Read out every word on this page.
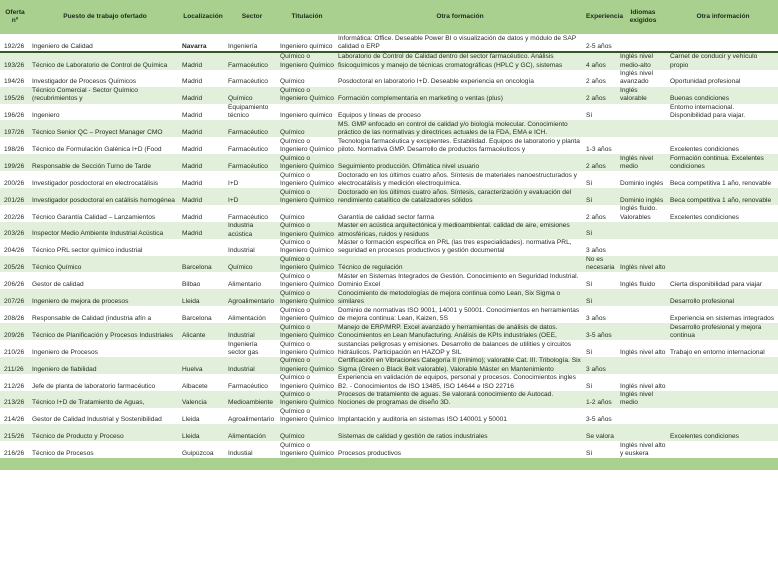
Oferta nº	Puesto de trabajo ofertado	Localización	Sector	Titulación	Otra formación	Experiencia	Idiomas exigidos	Otra información

192/26	Ingeniero de Calidad	Navarra	Ingeniería	Ingeniero químico	Informática: Office. Deseable Power BI o visualización de datos y módulo de SAP calidad o ERP	2-5 años		

193/26	Técnico de Laboratorio de Control de Química	Madrid	Farmacéutico	Químico o Ingeniero Químico	Laboratorio de Control de Calidad dentro del sector farmacéutico. Análisis fisicoquímicos y manejo de técnicas cromatográficas (HPLC y GC), sistemas	4 años	Inglés nivel medio-alto	Carnet de conducir y vehículo propio

194/26	Investigador de Procesos Químicos	Madrid	Farmacéutico	Químico	Posdoctoral en laboratorio I+D. Deseable experiencia en oncología	2 años	Inglés nivel avanzado	Oportunidad profesional

195/26	Técnico Comercial - Sector Químico (recubrimientos y	Madrid	Químico	Químico o Ingeniero Químico	Formación complementaria en marketing o ventas (plus)	2 años	Inglés valorable	Buenas condiciones

196/26	Ingeniero	Madrid	Equipamiento técnico	Ingeniero químico	Equipos y líneas de proceso	Sí		Entorno internacional. Disponibilidad para viajar.

197/26	Técnico Senior QC – Proyect Manager CMO	Madrid	Farmacéutico	Químico	MS. GMP enfocado en control de calidad y/o biología molecular. Conocimiento práctico de las normativas y directrices actuales de la FDA, EMA e ICH.			

198/26	Técnico de Formulación Galénica I+D (Food	Madrid	Farmacéutico	Químico o Ingeniero Químico	Tecnología farmacéutica y excipientes. Estabilidad. Equipos de laboratorio y planta piloto. Normativa GMP. Desarrollo de productos farmacéuticos y	1-3 años		Excelentes condiciones

199/26	Responsable de Sección Turno de Tarde	Madrid	Farmacéutico	Químico o Ingeniero Químico	Seguimiento producción. Ofimática nivel usuario	2 años	Inglés nivel medio	Formación continua. Excelentes condiciones

200/26	Investigador posdoctoral en electrocatálisis	Madrid	I+D	Químico o Ingeniero Químico	Doctorado en los últimos cuatro años. Síntesis de materiales nanoestructurados y electrocatálisis y medición electroquímica.	Sí	Dominio inglés	Beca competitiva 1 año, renovable

201/26	Investigador posdoctoral en catálisis homogénea	Madrid	I+D	Químico o Ingeniero Químico	Doctorado en los últimos cuatro años. Síntesis, caracterización y evaluación del rendimiento catalítico de catalizadores sólidos	Sí	Dominio inglés	Beca competitiva 1 año, renovable

202/26	Técnico Garantía Calidad – Lanzamientos	Madrid	Farmacéutico	Químico	Garantía de calidad sector farma	2 años	Inglés fluido. Valorables	Excelentes condiciones

203/26	Inspector Medio Ambiente Industrial Acústica	Madrid	Industria acústica	Químico o Ingeniero Químico	Master en acústica arquitectónica y medioambiental. calidad de aire, emisiones atmosféricas, ruidos y residuos	Sí		

204/26	Técnico PRL sector químico industrial		Industrial	Químico o Ingeniero Químico	Máster o formación específica en PRL (las tres especialidades). normativa PRL, seguridad en procesos productivos y gestión documental	3 años		

205/26	Técnico Químico	Barcelona	Químico	Químico o Ingeniero Químico	Técnico de regulación	No es necesaria	Inglés nivel alto	

206/26	Gestor de calidad	Bilbao	Alimentario	Químico o Ingeniero Químico	Máster en Sistemas Integrados de Gestión. Conocimiento en Seguridad Industrial. Dominio Excel	Sí	Inglés fluido	Cierta disponibilidad para viajar

207/26	Ingeniero de mejora de procesos	Lleida	Agroalimentario	Químico o Ingeniero Químico	Conocimiento de metodologías de mejora continua como Lean, Six Sigma o similares	Sí		Desarrollo profesional

208/26	Responsable de Calidad (industria afín a	Barcelona	Alimentación	Químico o Ingeniero Químico	Dominio de normativas ISO 9001, 14001 y 50001. Conocimientos en herramientas de mejora continua: Lean, Kaizen, 5S	3 años		Experiencia en sistemas integrados

209/26	Técnico de Planificación y Procesos Industriales	Alicante	Industrial	Químico o Ingeniero Químico	Manejo de ERP/MRP. Excel avanzado y herramientas de análisis de datos. Conocimientos en Lean Manufacturing. Análisis de KPIs industriales (OEE,	3-5 años		Desarrollo profesional y mejora continua

210/26	Ingeniero de Procesos		Ingeniería sector gas	Químico o Ingeniero Químico	sustancias peligrosas y emisiones. Desarrollo de balances de utilities y circuitos hidráulicos. Participación en HAZOP y SIL	Sí	Inglés nivel alto	Trabajo en entorno internacional

211/26	Ingeniero de fiabilidad	Huelva	Industrial	Químico o Ingeniero Químico	Certificación en Vibraciones Categoría II (mínimo); valorable Cat. III. Tribología. Six Sigma (Green o Black Belt valorable). Valorable Máster en Mantenimiento	3 años		

212/26	Jefe de planta de laboratorio farmacéutico	Albacete	Farmacéutico	Químico o Ingeniero Químico	Experiencia en validación de equipos, personal y procesos. Conocimientos ingles B2. - Conocimientos de ISO 13485, ISO 14644 e ISO 22716	Sí	Inglés nivel alto	

213/26	Técnico I+D de Tratamiento de Aguas,	Valencia	Medioambiente	Químico o Ingeniero Químico	Procesos de tratamiento de aguas. Se valorará conocimiento de Autocad. Nociones de programas de diseño 3D.	1-2 años	Inglés nivel medio	

214/26	Gestor de Calidad Industrial y Sostenibilidad	Lleida	Agroalimentario	Químico o Ingeniero Químico	Implantación y auditoria en sistemas ISO 140001 y 50001	3-5 años		

215/26	Técnico de Producto y Proceso	Lleida	Alimentación	Químico	Sistemas de calidad y gestión de ratios industriales	Se valora		Excelentes condiciones

216/26	Técnico de Procesos	Guipúzcoa	Industial	Químico o Ingeniero Químico	Procesos productivos	Sí	Inglés nivel alto y euskera	
